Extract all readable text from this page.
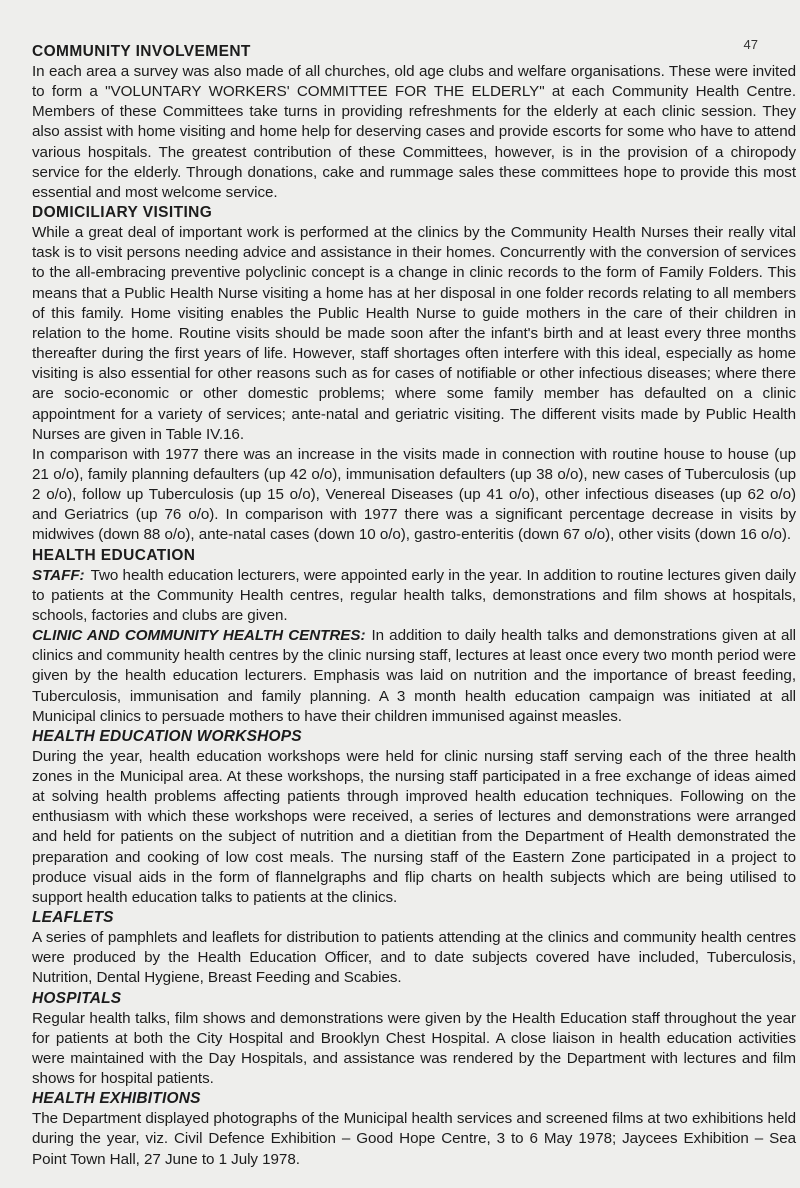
47
COMMUNITY INVOLVEMENT

In each area a survey was also made of all churches, old age clubs and welfare organisations. These were invited to form a "VOLUNTARY WORKERS' COMMITTEE FOR THE ELDERLY" at each Community Health Centre. Members of these Committees take turns in providing refreshments for the elderly at each clinic session. They also assist with home visiting and home help for deserving cases and provide escorts for some who have to attend various hospitals. The greatest contribution of these Committees, however, is in the provision of a chiropody service for the elderly. Through donations, cake and rummage sales these committees hope to provide this most essential and most welcome service.

DOMICILIARY VISITING

While a great deal of important work is performed at the clinics by the Community Health Nurses their really vital task is to visit persons needing advice and assistance in their homes. Concurrently with the conversion of services to the all-embracing preventive polyclinic concept is a change in clinic records to the form of Family Folders. This means that a Public Health Nurse visiting a home has at her disposal in one folder records relating to all members of this family. Home visiting enables the Public Health Nurse to guide mothers in the care of their children in relation to the home. Routine visits should be made soon after the infant's birth and at least every three months thereafter during the first years of life. However, staff shortages often interfere with this ideal, especially as home visiting is also essential for other reasons such as for cases of notifiable or other infectious diseases; where there are socio-economic or other domestic problems; where some family member has defaulted on a clinic appointment for a variety of services; ante-natal and geriatric visiting. The different visits made by Public Health Nurses are given in Table IV.16.

In comparison with 1977 there was an increase in the visits made in connection with routine house to house (up 21 o/o), family planning defaulters (up 42 o/o), immunisation defaulters (up 38 o/o), new cases of Tuberculosis (up 2 o/o), follow up Tuberculosis (up 15 o/o), Venereal Diseases (up 41 o/o), other infectious diseases (up 62 o/o) and Geriatrics (up 76 o/o). In comparison with 1977 there was a significant percentage decrease in visits by midwives (down 88 o/o), ante-natal cases (down 10 o/o), gastro-enteritis (down 67 o/o), other visits (down 16 o/o).

HEALTH EDUCATION

STAFF: Two health education lecturers, were appointed early in the year. In addition to routine lectures given daily to patients at the Community Health centres, regular health talks, demonstrations and film shows at hospitals, schools, factories and clubs are given.

CLINIC AND COMMUNITY HEALTH CENTRES: In addition to daily health talks and demonstrations given at all clinics and community health centres by the clinic nursing staff, lectures at least once every two month period were given by the health education lecturers. Emphasis was laid on nutrition and the importance of breast feeding, Tuberculosis, immunisation and family planning. A 3 month health education campaign was initiated at all Municipal clinics to persuade mothers to have their children immunised against measles.

HEALTH EDUCATION WORKSHOPS

During the year, health education workshops were held for clinic nursing staff serving each of the three health zones in the Municipal area. At these workshops, the nursing staff participated in a free exchange of ideas aimed at solving health problems affecting patients through improved health education techniques. Following on the enthusiasm with which these workshops were received, a series of lectures and demonstrations were arranged and held for patients on the subject of nutrition and a dietitian from the Department of Health demonstrated the preparation and cooking of low cost meals. The nursing staff of the Eastern Zone participated in a project to produce visual aids in the form of flannelgraphs and flip charts on health subjects which are being utilised to support health education talks to patients at the clinics.

LEAFLETS

A series of pamphlets and leaflets for distribution to patients attending at the clinics and community health centres were produced by the Health Education Officer, and to date subjects covered have included, Tuberculosis, Nutrition, Dental Hygiene, Breast Feeding and Scabies.

HOSPITALS

Regular health talks, film shows and demonstrations were given by the Health Education staff throughout the year for patients at both the City Hospital and Brooklyn Chest Hospital. A close liaison in health education activities were maintained with the Day Hospitals, and assistance was rendered by the Department with lectures and film shows for hospital patients.

HEALTH EXHIBITIONS

The Department displayed photographs of the Municipal health services and screened films at two exhibitions held during the year, viz. Civil Defence Exhibition – Good Hope Centre, 3 to 6 May 1978; Jaycees Exhibition – Sea Point Town Hall, 27 June to 1 July 1978.
